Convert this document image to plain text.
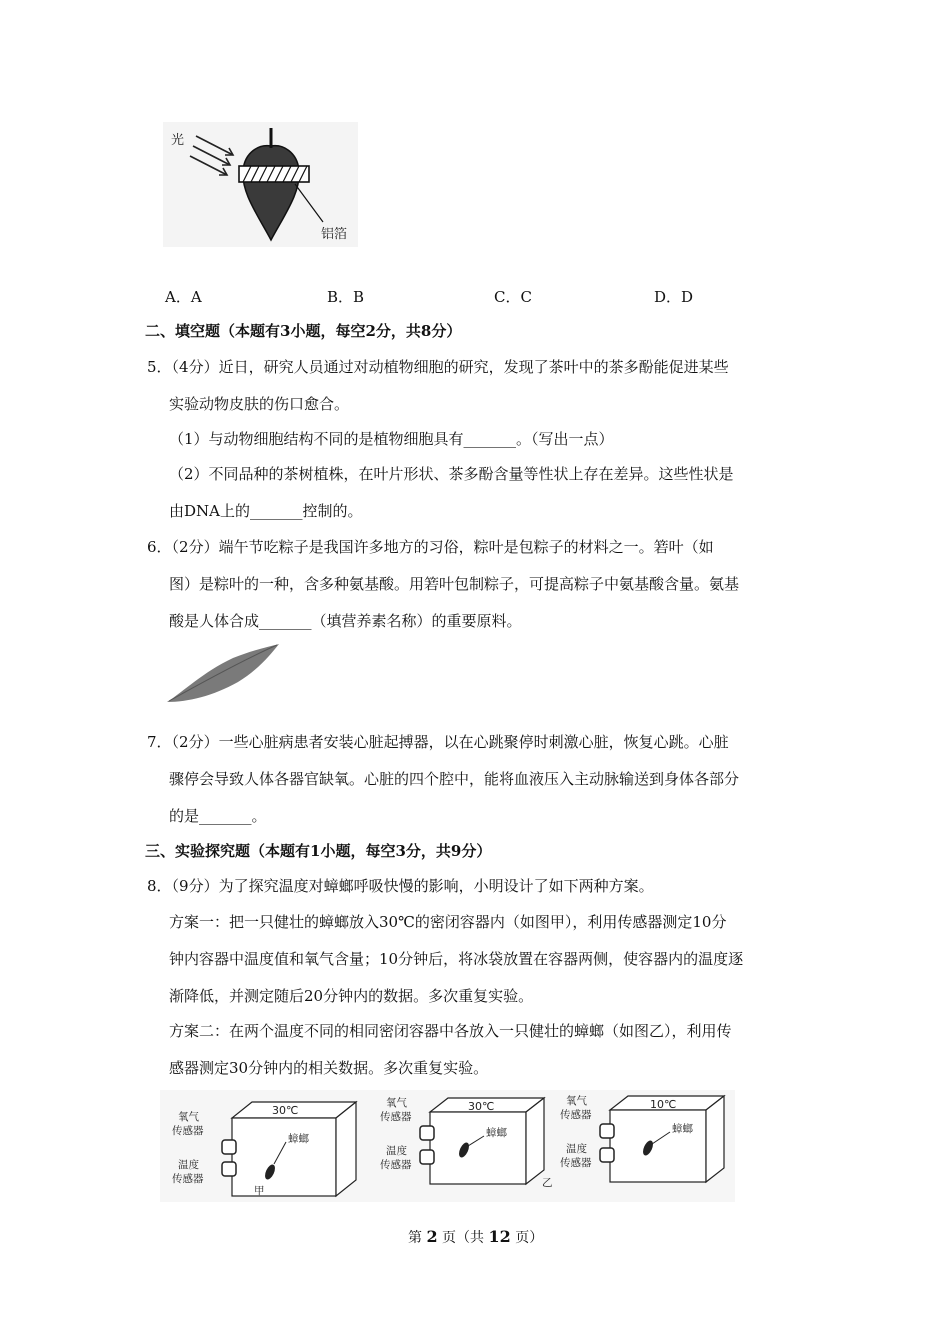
光
铝箔
A．A	B．B	C．C	D．D
二、填空题（本题有3小题，每空2分，共8分）
5．（4分）近日，研究人员通过对动植物细胞的研究，发现了茶叶中的茶多酚能促进某些
实验动物皮肤的伤口愈合。
（1）与动物细胞结构不同的是植物细胞具有_______。（写出一点）
（2）不同品种的茶树植株，在叶片形状、茶多酚含量等性状上存在差异。这些性状是
由DNA上的_______控制的。
6．（2分）端午节吃粽子是我国许多地方的习俗，粽叶是包粽子的材料之一。箬叶（如
图）是粽叶的一种，含多种氨基酸。用箬叶包制粽子，可提高粽子中氨基酸含量。氨基
酸是人体合成_______（填营养素名称）的重要原料。
7．（2分）一些心脏病患者安装心脏起搏器，以在心跳聚停时刺激心脏，恢复心跳。心脏
骤停会导致人体各器官缺氧。心脏的四个腔中，能将血液压入主动脉输送到身体各部分
的是_______。
三、实验探究题（本题有1小题，每空3分，共9分）
8．（9分）为了探究温度对蟑螂呼吸快慢的影响，小明设计了如下两种方案。
方案一：把一只健壮的蟑螂放入30℃的密闭容器内（如图甲），利用传感器测定10分
钟内容器中温度值和氧气含量；10分钟后，将冰袋放置在容器两侧，使容器内的温度逐
渐降低，并测定随后20分钟内的数据。多次重复实验。
方案二：在两个温度不同的相同密闭容器中各放入一只健壮的蟑螂（如图乙），利用传
感器测定30分钟内的相关数据。多次重复实验。
氧气
传感器
温度
传感器
30℃
蟑螂
甲
氧气
传感器
温度
传感器
30℃
蟑螂
氧气
传感器
温度
传感器
10℃
蟑螂
乙
第 2 页（共 12 页）
